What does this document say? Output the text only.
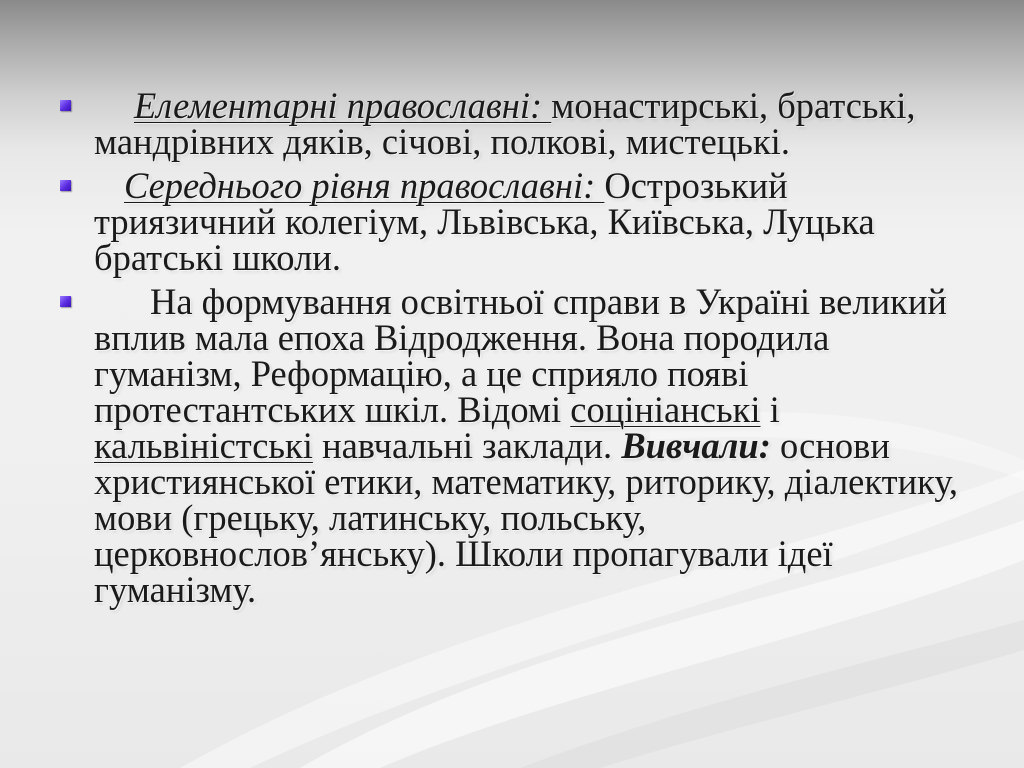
Елементарні православні: монастирські, братські, мандрівних дяків, січові, полкові, мистецькі.
Середнього рівня православні: Острозький триязичний колегіум, Львівська, Київська, Луцька братські школи.
На формування освітньої справи в Україні великий вплив мала епоха Відродження. Вона породила гуманізм, Реформацію, а це сприяло появі протестантських шкіл. Відомі соцініанські і кальвіністські навчальні заклади. Вивчали: основи християнської етики, математику, риторику, діалектику, мови (грецьку, латинську, польську, церковнослов’янську). Школи пропагували ідеї гуманізму.
